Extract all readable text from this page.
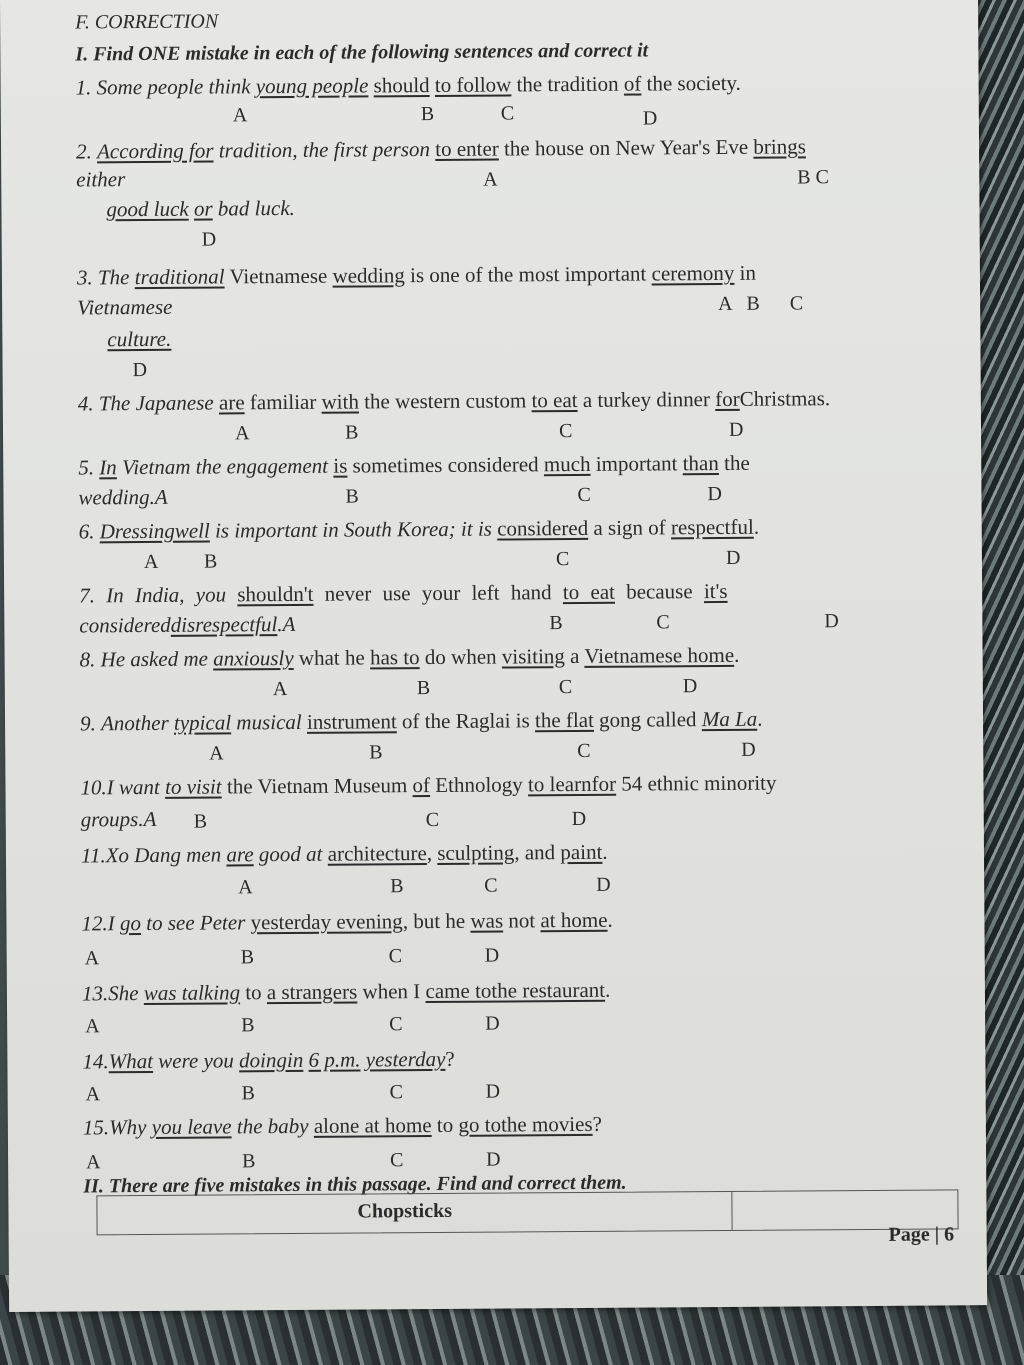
F. CORRECTION
I. Find ONE mistake in each of the following sentences and correct it
1. Some people think young people should to follow the tradition of the society.
A	B	C	D
2. According for tradition, the first person to enter the house on New Year's Eve brings
either	A	B C
good luck or bad luck.
D
3. The traditional Vietnamese wedding is one of the most important ceremony in
Vietnamese	A   B      C
culture.
D
4. The Japanese are familiar with the western custom to eat a turkey dinner forChristmas.
A	B	C	D
5. In Vietnam the engagement is sometimes considered much important than the
wedding.A	B	C	D
6. Dressingwell is important in South Korea; it is considered a sign of respectful.
A B	C	D
7. In India, you shouldn't never use your left hand to eat because it's
considereddisrespectful.A	B	C	D
8. He asked me anxiously what he has to do when visiting a Vietnamese home.
A	B	C	D
9. Another typical musical instrument of the Raglai is the flat gong called Ma La.
A	B	C	D
10.I want to visit the Vietnam Museum of Ethnology to learnfor 54 ethnic minority
groups.A B	C	D
11.Xo Dang men are good at architecture, sculpting, and paint.
A	B	C	D
12.I go to see Peter yesterday evening, but he was not at home.
A	B	C	D
13.She was talking to a strangers when I came tothe restaurant.
A	B	C	D
14.What were you doingin 6 p.m. yesterday?
A	B	C	D
15.Why you leave the baby alone at home to go tothe movies?
A	B	C	D
II. There are five mistakes in this passage. Find and correct them.
Chopsticks
Page | 6
